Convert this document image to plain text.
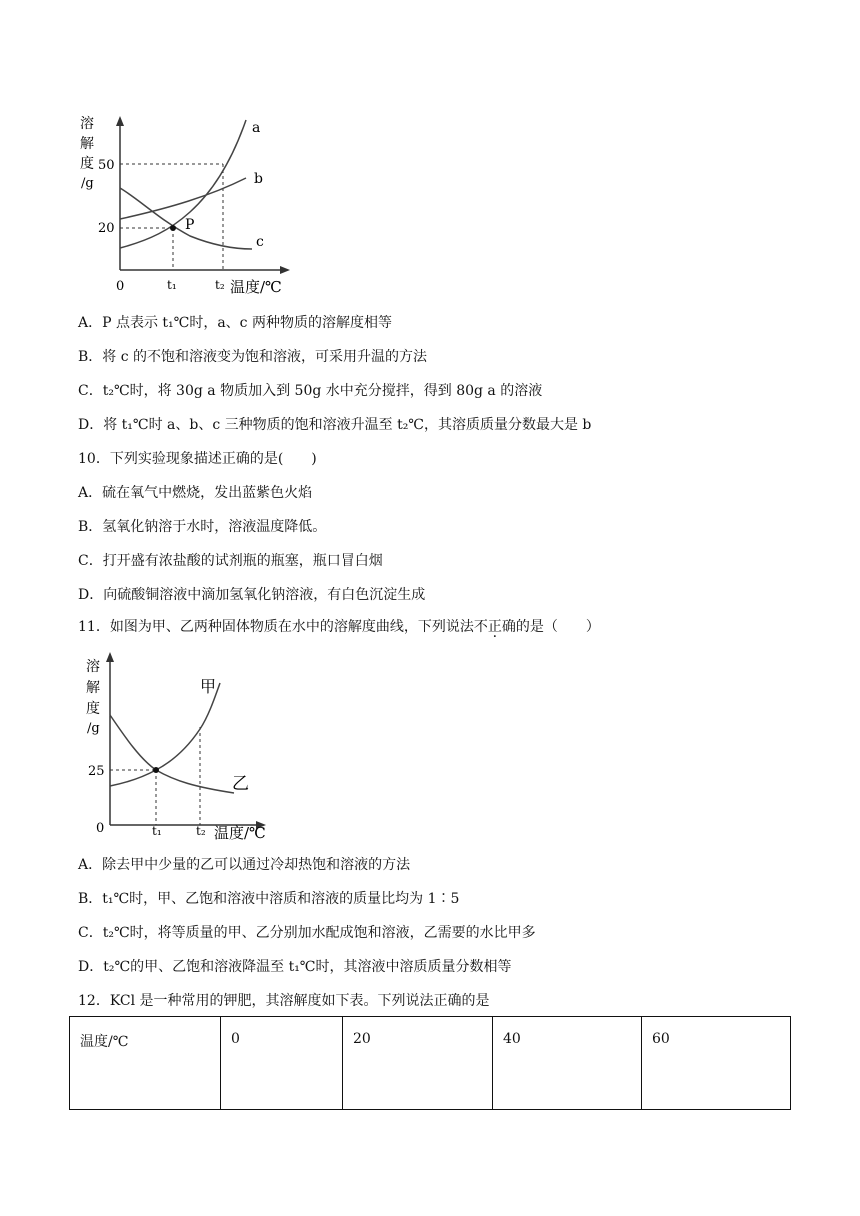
溶
解
度
/g
50
20
0	t₁	t₂ 温度/℃
P
a
b
c
A．P 点表示 t₁℃时，a、c 两种物质的溶解度相等
B．将 c 的不饱和溶液变为饱和溶液，可采用升温的方法
C．t₂℃时，将 30g a 物质加入到 50g 水中充分搅拌，得到 80g a 的溶液
D．将 t₁℃时 a、b、c 三种物质的饱和溶液升温至 t₂℃，其溶质质量分数最大是 b
10．下列实验现象描述正确的是(　　)
A．硫在氧气中燃烧，发出蓝紫色火焰
B．氢氧化钠溶于水时，溶液温度降低。
C．打开盛有浓盐酸的试剂瓶的瓶塞，瓶口冒白烟
D．向硫酸铜溶液中滴加氢氧化钠溶液，有白色沉淀生成
11．如图为甲、乙两种固体物质在水中的溶解度曲线，下列说法不正确的是（　　）
溶
解
度
/g
25
0	t₁	t₂ 温度/℃
甲
乙
A．除去甲中少量的乙可以通过冷却热饱和溶液的方法
B．t₁℃时，甲、乙饱和溶液中溶质和溶液的质量比均为 1∶5
C．t₂℃时，将等质量的甲、乙分别加水配成饱和溶液，乙需要的水比甲多
D．t₂℃的甲、乙饱和溶液降温至 t₁℃时，其溶液中溶质质量分数相等
12．KCl 是一种常用的钾肥，其溶解度如下表。下列说法正确的是
温度/℃	0	20	40	60
